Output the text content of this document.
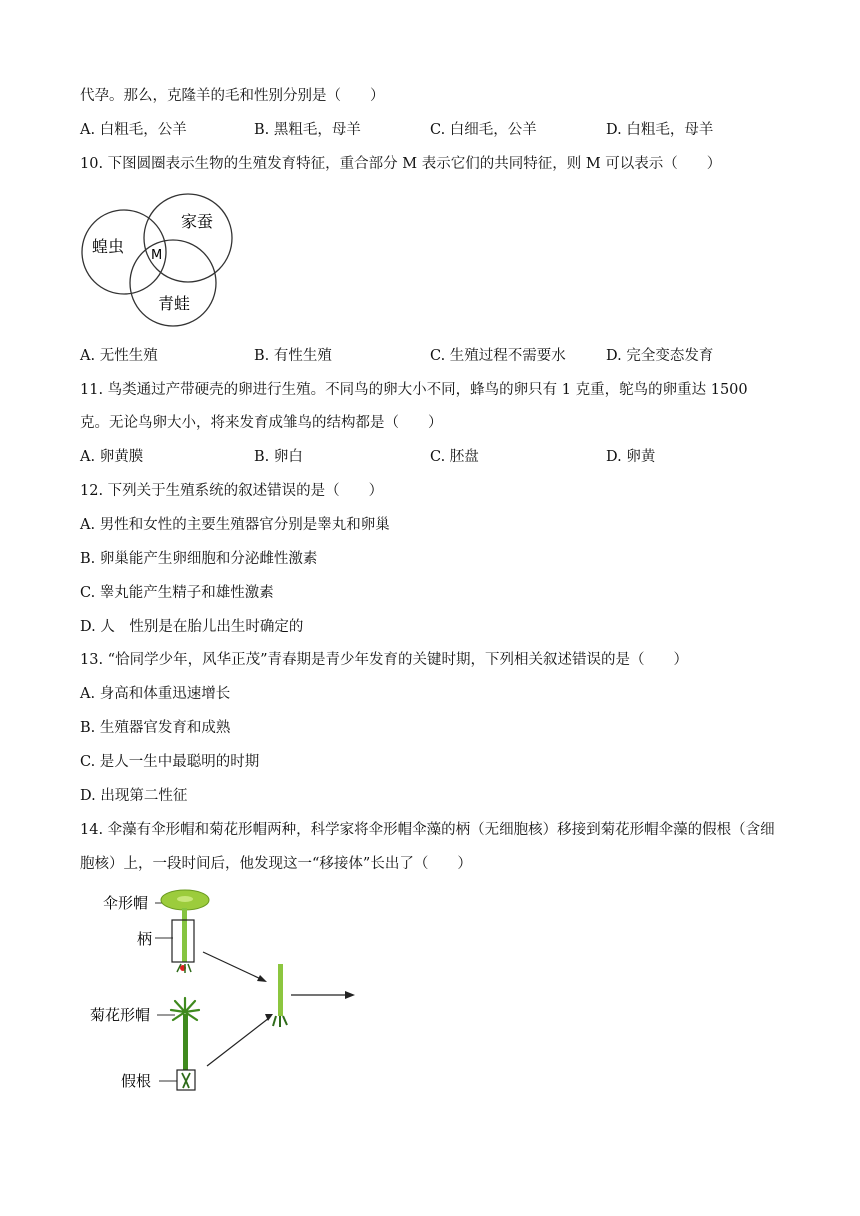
代孕。那么，克隆羊的毛和性别分别是（　　）
A. 白粗毛，公羊	B. 黑粗毛，母羊	C. 白细毛，公羊	D. 白粗毛，母羊
10. 下图圆圈表示生物的生殖发育特征，重合部分 M 表示它们的共同特征，则 M 可以表示（　　）
蝗虫
家蚕
青蛙
M
A. 无性生殖	B. 有性生殖	C. 生殖过程不需要水	D. 完全变态发育
11. 鸟类通过产带硬壳的卵进行生殖。不同鸟的卵大小不同，蜂鸟的卵只有 1 克重，鸵鸟的卵重达 1500
克。无论鸟卵大小，将来发育成雏鸟的结构都是（　　）
A. 卵黄膜	B. 卵白	C. 胚盘	D. 卵黄
12. 下列关于生殖系统的叙述错误的是（　　）
A. 男性和女性的主要生殖器官分别是睾丸和卵巢
B. 卵巢能产生卵细胞和分泌雌性激素
C. 睾丸能产生精子和雄性激素
D. 人　性别是在胎儿出生时确定的
13. “恰同学少年，风华正茂”青春期是青少年发育的关键时期，下列相关叙述错误的是（　　）
A. 身高和体重迅速增长
B. 生殖器官发育和成熟
C. 是人一生中最聪明的时期
D. 出现第二性征
14. 伞藻有伞形帽和菊花形帽两种，科学家将伞形帽伞藻的柄（无细胞核）移接到菊花形帽伞藻的假根（含细胞核）上，一段时间后，他发现这一“移接体”长出了（　　）
伞形帽
柄
菊花形帽
假根
